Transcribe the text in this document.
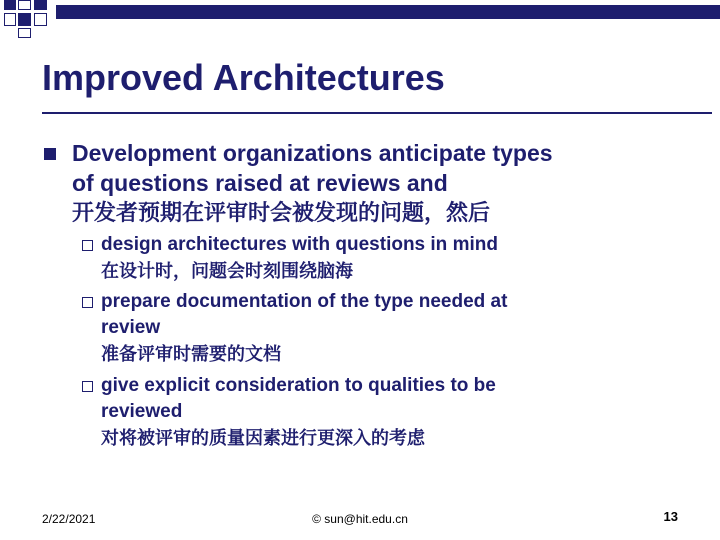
Improved Architectures
Development organizations anticipate types
of questions raised at reviews and
开发者预期在评审时会被发现的问题，然后
design architectures with questions in mind
在设计时，问题会时刻围绕脑海
prepare documentation of the type needed at
review
准备评审时需要的文档
give explicit consideration to qualities to be
reviewed
对将被评审的质量因素进行更深入的考虑
2/22/2021	© sun@hit.edu.cn	13
